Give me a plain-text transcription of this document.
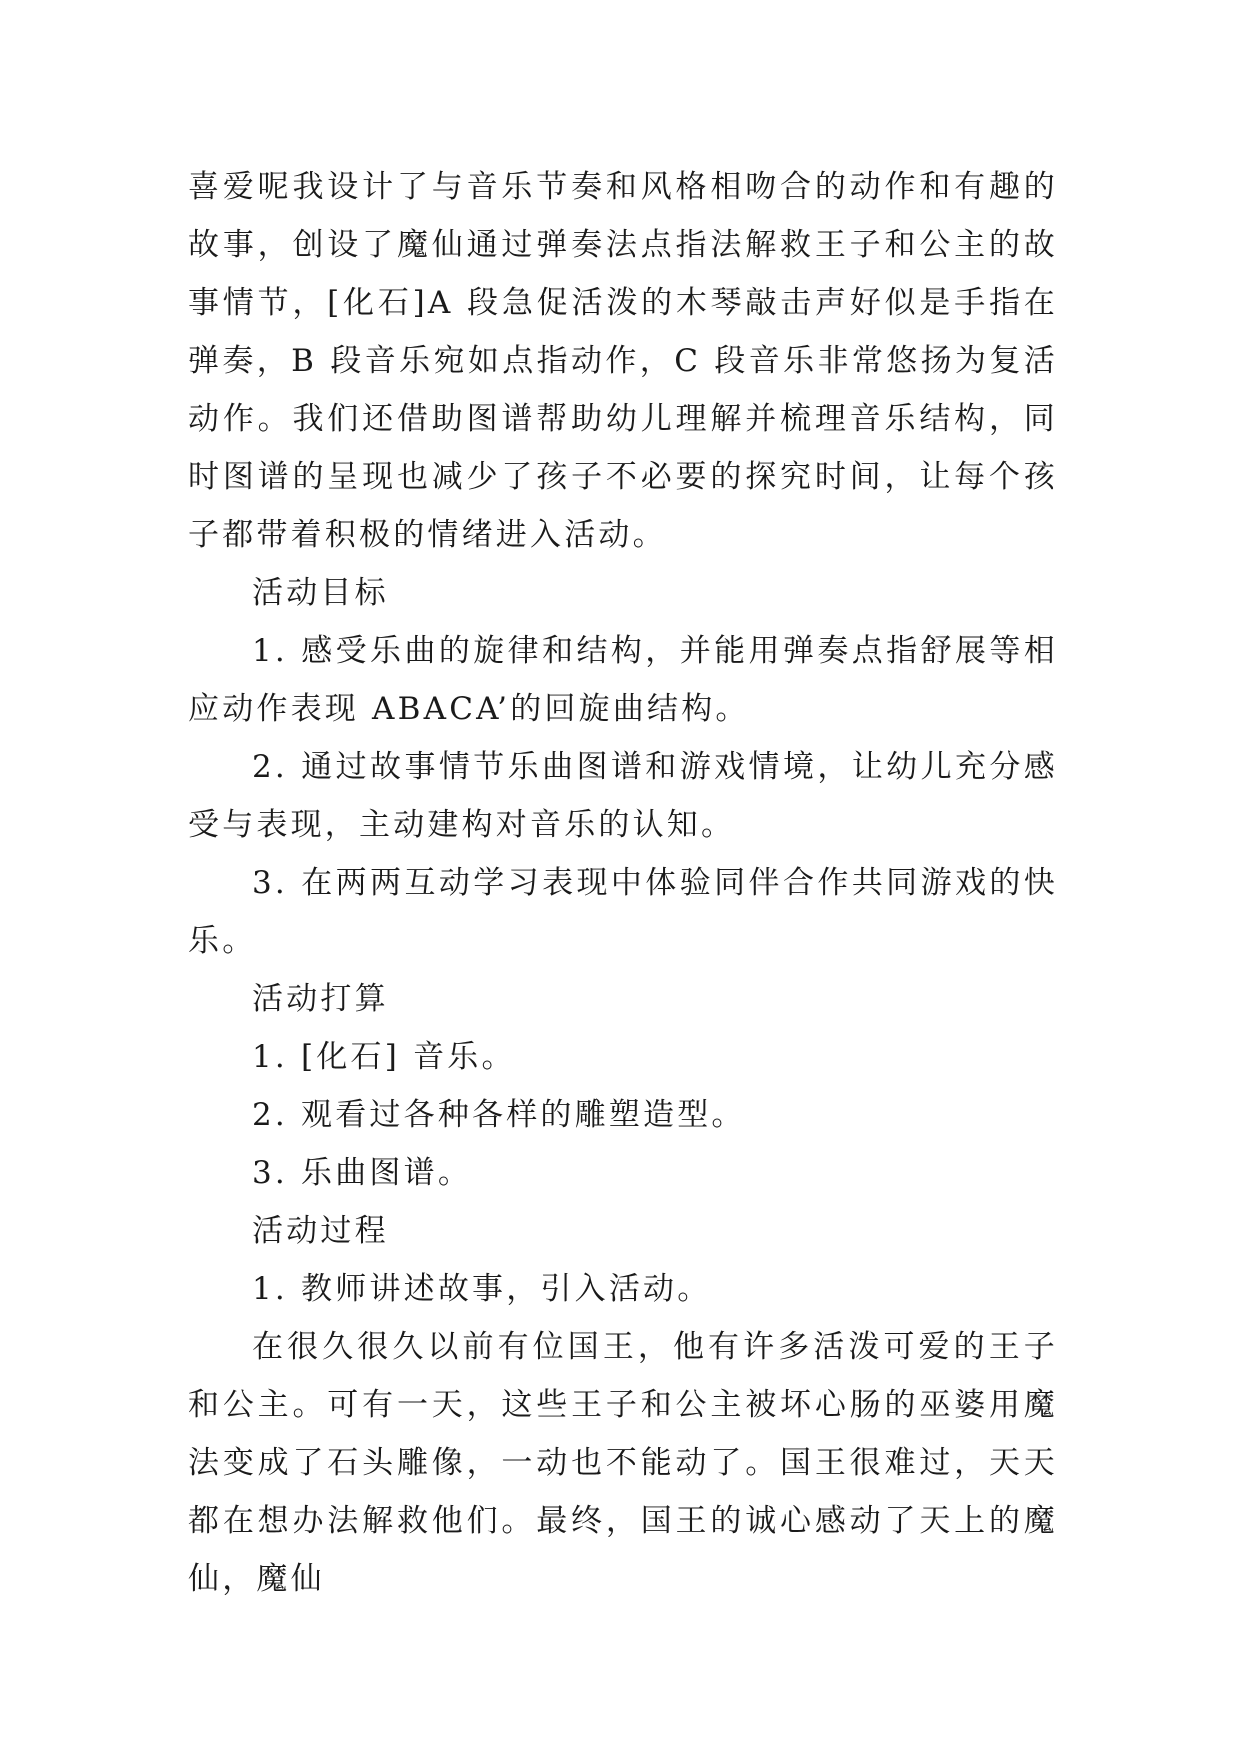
喜爱呢我设计了与音乐节奏和风格相吻合的动作和有趣的故事，创设了魔仙通过弹奏法点指法解救王子和公主的故事情节，[化石]A 段急促活泼的木琴敲击声好似是手指在弹奏，B 段音乐宛如点指动作，C 段音乐非常悠扬为复活动作。我们还借助图谱帮助幼儿理解并梳理音乐结构，同时图谱的呈现也减少了孩子不必要的探究时间，让每个孩子都带着积极的情绪进入活动。

活动目标

1. 感受乐曲的旋律和结构，并能用弹奏点指舒展等相应动作表现 ABACA’的回旋曲结构。

2. 通过故事情节乐曲图谱和游戏情境，让幼儿充分感受与表现，主动建构对音乐的认知。

3. 在两两互动学习表现中体验同伴合作共同游戏的快乐。

活动打算

1. [化石] 音乐。

2. 观看过各种各样的雕塑造型。

3. 乐曲图谱。

活动过程

1. 教师讲述故事，引入活动。

在很久很久以前有位国王，他有许多活泼可爱的王子和公主。可有一天，这些王子和公主被坏心肠的巫婆用魔法变成了石头雕像，一动也不能动了。国王很难过，天天都在想办法解救他们。最终，国王的诚心感动了天上的魔仙，魔仙
